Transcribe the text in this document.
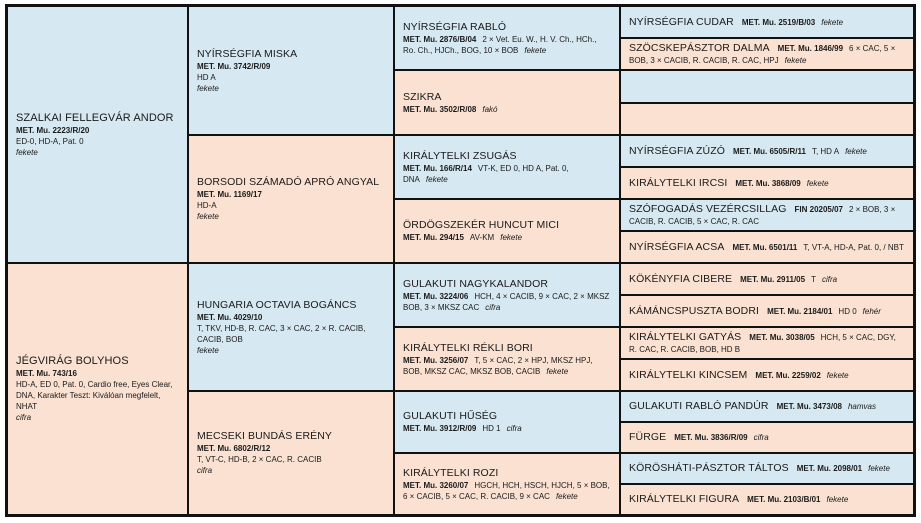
SZALKAI FELLEGVÁR ANDOR
MET. Mu. 2223/R/20
ED-0, HD-A, Pat. 0
fekete
JÉGVIRÁG BOLYHOS
MET. Mu. 743/16
HD-A, ED 0, Pat. 0, Cardio free, Eyes Clear, DNA, Karakter Teszt: Kiválóan megfelelt, NHAT
cifra
NYÍRSÉGFIA MISKA
MET. Mu. 3742/R/09
HD A
fekete
BORSODI SZÁMADÓ APRÓ ANGYAL
MET. Mu. 1169/17
HD-A
fekete
HUNGARIA OCTAVIA BOGÁNCS
MET. Mu. 4029/10
T, TKV, HD-B, R. CAC, 3 × CAC, 2 × R. CACIB, CACIB, BOB
fekete
MECSEKI BUNDÁS ERÉNY
MET. Mu. 6802/R/12
T, VT-C, HD-B, 2 × CAC, R. CACIB
cifra
NYÍRSÉGFIA RABLÓ
MET. Mu. 2876/B/04 2 × Vet. Eu. W., H. V. Ch., HCh., Ro. Ch., HJCh., BOG, 10 × BOB fekete
SZIKRA
MET. Mu. 3502/R/08 fakó
KIRÁLYTELKI ZSUGÁS
MET. Mu. 166/R/14 VT-K, ED 0, HD A, Pat. 0, DNA fekete
ÖRDÖGSZEKÉR HUNCUT MICI
MET. Mu. 294/15 AV-KM fekete
GULAKUTI NAGYKALANDOR
MET. Mu. 3224/06 HCH, 4 × CACIB, 9 × CAC, 2 × MKSZ BOB, 3 × MKSZ CAC cifra
KIRÁLYTELKI RÉKLI BORI
MET. Mu. 3256/07 T, 5 × CAC, 2 × HPJ, MKSZ HPJ, BOB, MKSZ CAC, MKSZ BOB, CACIB fekete
GULAKUTI HŰSÉG
MET. Mu. 3912/R/09 HD 1 cifra
KIRÁLYTELKI ROZI
MET. Mu. 3260/07 HGCH, HCH, HSCH, HJCH, 5 × BOB, 6 × CACIB, 5 × CAC, R. CACIB, 9 × CAC fekete
NYÍRSÉGFIA CUDAR MET. Mu. 2519/B/03 fekete
SZÖCSKEPÁSZTOR DALMA MET. Mu. 1846/99 6 × CAC, 5 × BOB, 3 × CACIB, R. CACIB, R. CAC, HPJ fekete
NYÍRSÉGFIA ZÚZÓ MET. Mu. 6505/R/11 T, HD A fekete
KIRÁLYTELKI IRCSI MET. Mu. 3868/09 fekete
SZÓFOGADÁS VEZÉRCSILLAG FIN 20205/07 2 × BOB, 3 × CACIB, R. CACIB, 5 × CAC, R. CAC
NYÍRSÉGFIA ACSA MET. Mu. 6501/11 T, VT-A, HD-A, Pat. 0, / NBT
KÖKÉNYFIA CIBERE MET. Mu. 2911/05 T cifra
KÁMÁNCSPUSZTA BODRI MET. Mu. 2184/01 HD 0 fehér
KIRÁLYTELKI GATYÁS MET. Mu. 3038/05 HCH, 5 × CAC, DGY, R. CAC, R. CACIB, BOB, HD B
KIRÁLYTELKI KINCSEM MET. Mu. 2259/02 fekete
GULAKUTI RABLÓ PANDÚR MET. Mu. 3473/08 hamvas
FÜRGE MET. Mu. 3836/R/09 cifra
KÖRÖSHÁTI-PÁSZTOR TÁLTOS MET. Mu. 2098/01 fekete
KIRÁLYTELKI FIGURA MET. Mu. 2103/B/01 fekete
